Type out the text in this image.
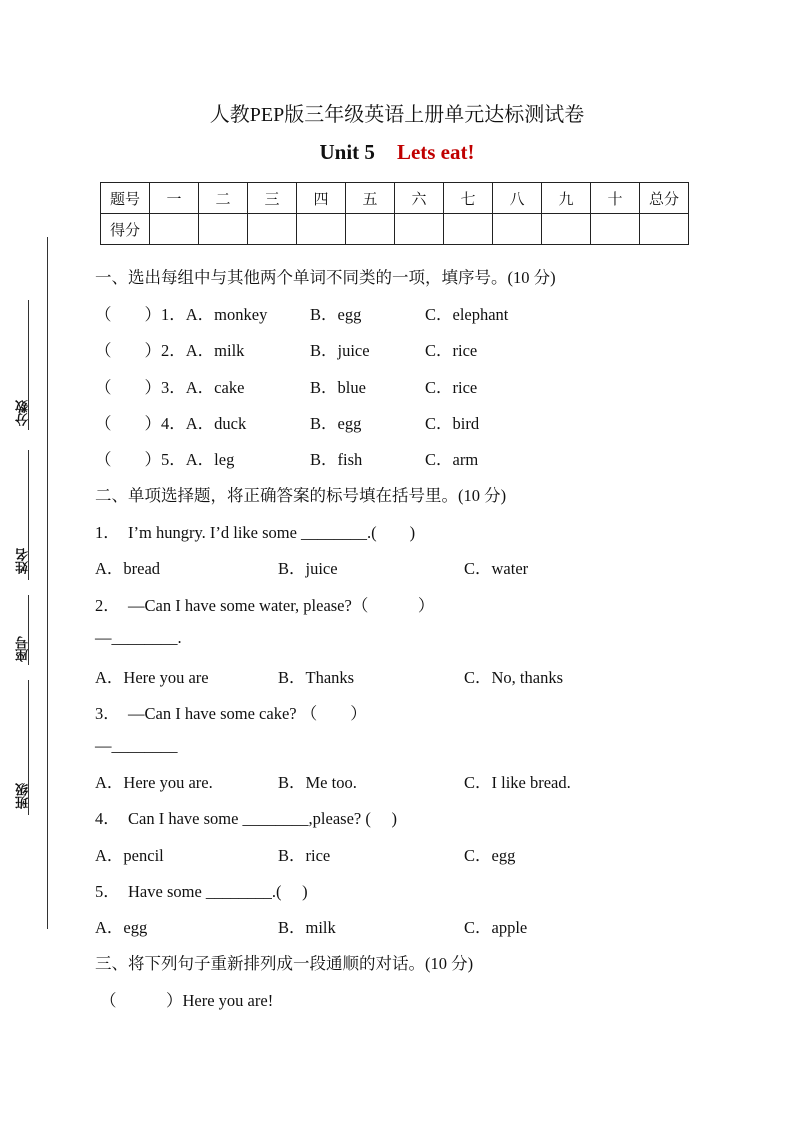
人教PEP版三年级英语上册单元达标测试卷
Unit 5 Lets eat!
题号	一	二	三	四	五	六	七	八	九	十	总分
得分											
分数
姓名
座号
班级
一、选出每组中与其他两个单词不同类的一项，填序号。(10 分)
（　　）1．A．monkey	B．egg	C．elephant
（　　）2．A．milk	B．juice	C．rice
（　　）3．A．cake	B．blue	C．rice
（　　）4．A．duck	B．egg	C．bird
（　　）5．A．leg	B．fish	C．arm
二、单项选择题，将正确答案的标号填在括号里。(10 分)
1．　I’m hungry. I’d like some ________.(　　)
A．bread	B．juice	C．water
2．　—Can I have some water, please?（　　　）
—________.
A．Here you are	B．Thanks	C．No, thanks
3．　—Can I have some cake? （　　）
—________
A．Here you are.	B．Me too.	C．I like bread.
4．　Can I have some ________,please? (　 )
A．pencil	B．rice	C．egg
5．　Have some ________.(　 )
A．egg	B．milk	C．apple
三、将下列句子重新排列成一段通顺的对话。(10 分)
（　　　）Here you are!
